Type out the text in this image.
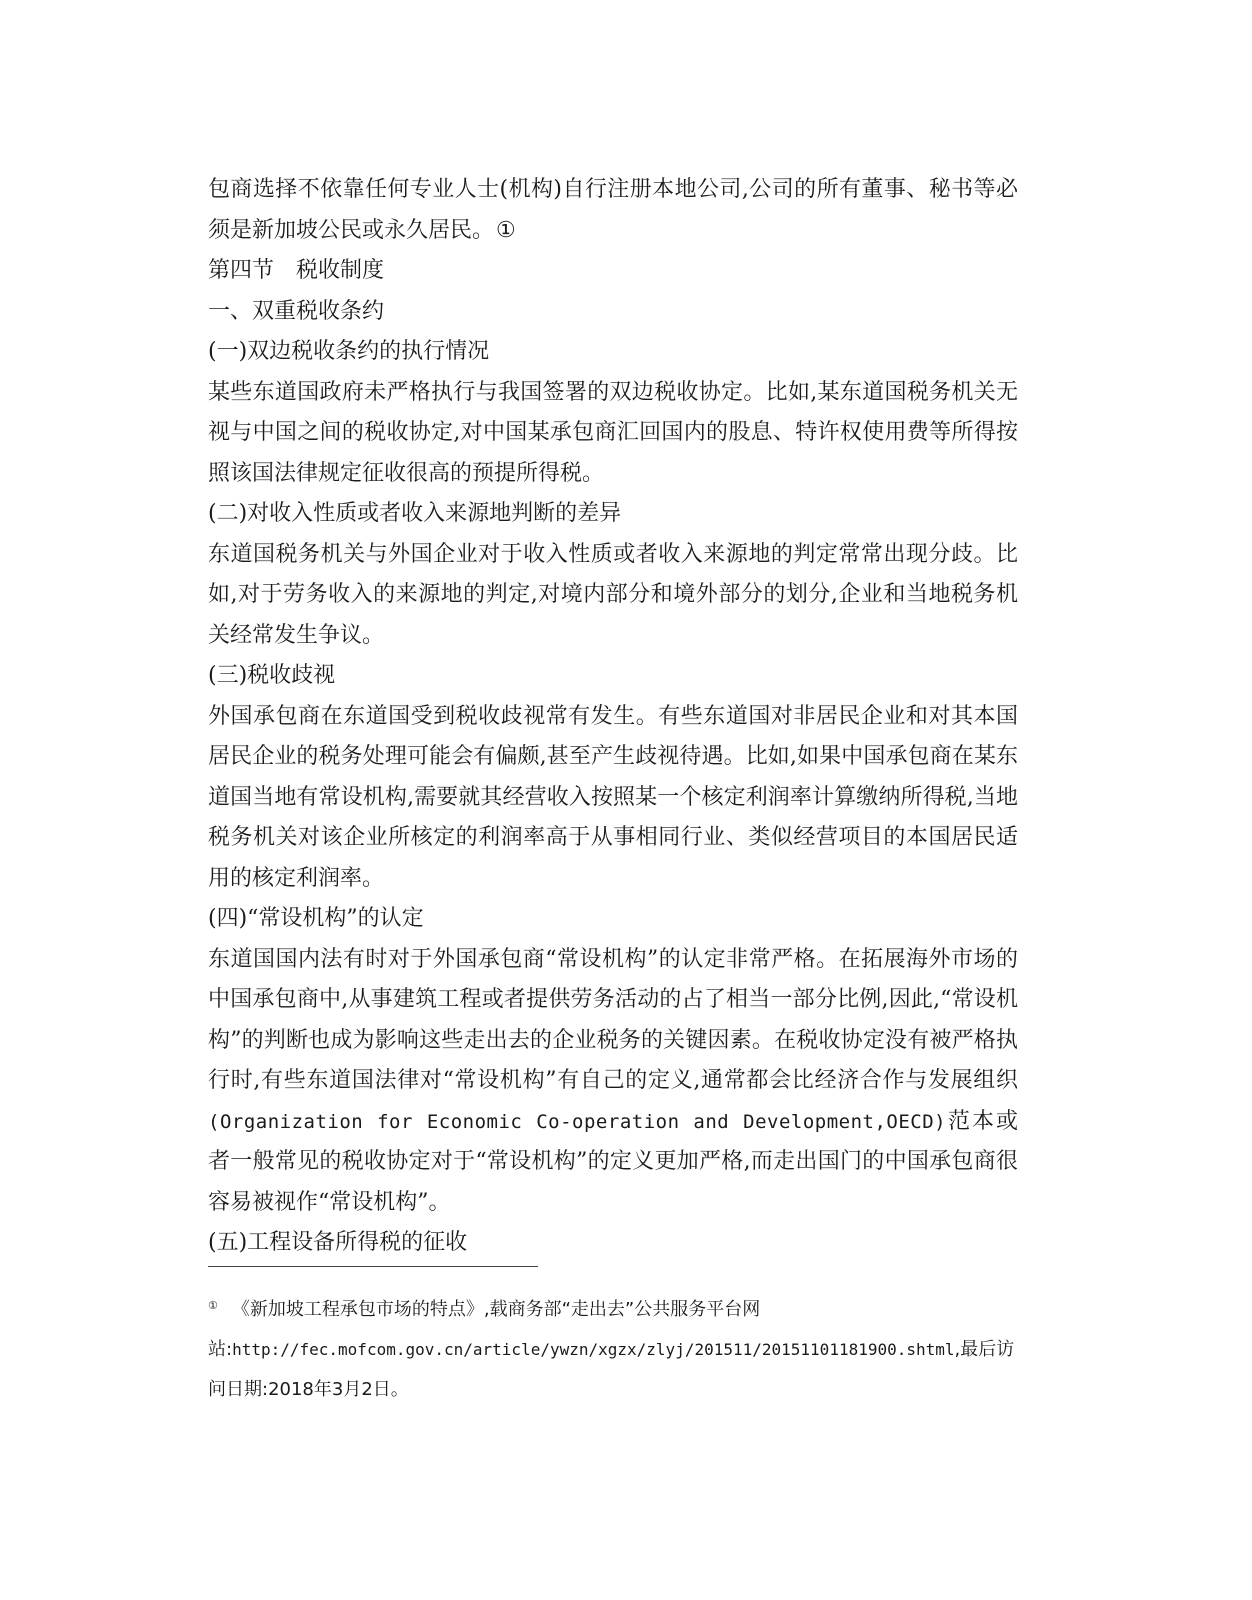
包商选择不依靠任何专业人士(机构)自行注册本地公司,公司的所有董事、秘书等必须是新加坡公民或永久居民。①

第四节　税收制度

一、双重税收条约

(一)双边税收条约的执行情况

某些东道国政府未严格执行与我国签署的双边税收协定。比如,某东道国税务机关无视与中国之间的税收协定,对中国某承包商汇回国内的股息、特许权使用费等所得按照该国法律规定征收很高的预提所得税。

(二)对收入性质或者收入来源地判断的差异

东道国税务机关与外国企业对于收入性质或者收入来源地的判定常常出现分歧。比如,对于劳务收入的来源地的判定,对境内部分和境外部分的划分,企业和当地税务机关经常发生争议。

(三)税收歧视

外国承包商在东道国受到税收歧视常有发生。有些东道国对非居民企业和对其本国居民企业的税务处理可能会有偏颇,甚至产生歧视待遇。比如,如果中国承包商在某东道国当地有常设机构,需要就其经营收入按照某一个核定利润率计算缴纳所得税,当地税务机关对该企业所核定的利润率高于从事相同行业、类似经营项目的本国居民适用的核定利润率。

(四)“常设机构”的认定

东道国国内法有时对于外国承包商“常设机构”的认定非常严格。在拓展海外市场的中国承包商中,从事建筑工程或者提供劳务活动的占了相当一部分比例,因此,“常设机构”的判断也成为影响这些走出去的企业税务的关键因素。在税收协定没有被严格执行时,有些东道国法律对“常设机构”有自己的定义,通常都会比经济合作与发展组织(Organization for Economic Co-operation and Development,OECD)范本或者一般常见的税收协定对于“常设机构”的定义更加严格,而走出国门的中国承包商很容易被视作“常设机构”。

(五)工程设备所得税的征收

① 《新加坡工程承包市场的特点》,载商务部“走出去”公共服务平台网站:http://fec.mofcom.gov.cn/article/ywzn/xgzx/zlyj/201511/20151101181900.shtml,最后访问日期:2018年3月2日。
